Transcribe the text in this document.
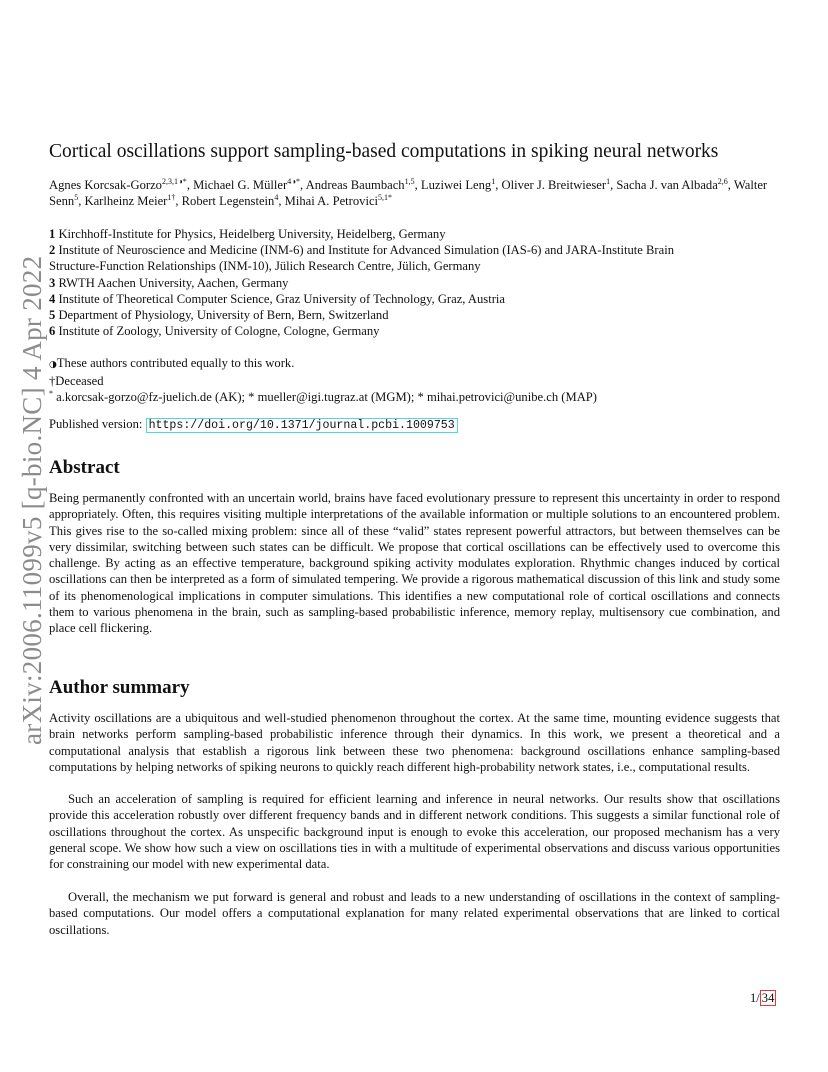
arXiv:2006.11099v5 [q-bio.NC] 4 Apr 2022
Cortical oscillations support sampling-based computations in spiking neural networks
Agnes Korcsak-Gorzo$^{2,3,1◑*}$, Michael G. Müller$^{4◑*}$, Andreas Baumbach$^{1,5}$, Luziwei Leng$^1$, Oliver J. Breitwieser$^1$, Sacha J. van Albada$^{2,6}$, Walter Senn$^5$, Karlheinz Meier$^{1\dagger}$, Robert Legenstein$^4$, Mihai A. Petrovici$^{5,1*}$
1 Kirchhoff-Institute for Physics, Heidelberg University, Heidelberg, Germany
2 Institute of Neuroscience and Medicine (INM-6) and Institute for Advanced Simulation (IAS-6) and JARA-Institute Brain
Structure-Function Relationships (INM-10), Jülich Research Centre, Jülich, Germany
3 RWTH Aachen University, Aachen, Germany
4 Institute of Theoretical Computer Science, Graz University of Technology, Graz, Austria
5 Department of Physiology, University of Bern, Bern, Switzerland
6 Institute of Zoology, University of Cologne, Cologne, Germany
◑These authors contributed equally to this work.
†Deceased
* a.korcsak-gorzo@fz-juelich.de (AK); * mueller@igi.tugraz.at (MGM); * mihai.petrovici@unibe.ch (MAP)
Published version: https://doi.org/10.1371/journal.pcbi.1009753
Abstract

Being permanently confronted with an uncertain world, brains have faced evolutionary pressure to represent this uncertainty in order to respond appropriately. Often, this requires visiting multiple interpretations of the available information or multiple solutions to an encountered problem. This gives rise to the so-called mixing problem: since all of these “valid” states represent powerful attractors, but between themselves can be very dissimilar, switching between such states can be difficult. We propose that cortical oscillations can be effectively used to overcome this challenge. By acting as an effective temperature, background spiking activity modulates exploration. Rhythmic changes induced by cortical oscillations can then be interpreted as a form of simulated tempering. We provide a rigorous mathematical discussion of this link and study some of its phenomenological implications in computer simulations. This identifies a new computational role of cortical oscillations and connects them to various phenomena in the brain, such as sampling-based probabilistic inference, memory replay, multisensory cue combination, and place cell flickering.

Author summary

Activity oscillations are a ubiquitous and well-studied phenomenon throughout the cortex. At the same time, mounting evidence suggests that brain networks perform sampling-based probabilistic inference through their dynamics. In this work, we present a theoretical and a computational analysis that establish a rigorous link between these two phenomena: background oscillations enhance sampling-based computations by helping networks of spiking neurons to quickly reach different high-probability network states, i.e., computational results.

Such an acceleration of sampling is required for efficient learning and inference in neural networks. Our results show that oscillations provide this acceleration robustly over different frequency bands and in different network conditions. This suggests a similar functional role of oscillations throughout the cortex. As unspecific background input is enough to evoke this acceleration, our proposed mechanism has a very general scope. We show how such a view on oscillations ties in with a multitude of experimental observations and discuss various opportunities for constraining our model with new experimental data.

Overall, the mechanism we put forward is general and robust and leads to a new understanding of oscillations in the context of sampling-based computations. Our model offers a computational explanation for many related experimental observations that are linked to cortical oscillations.

1/ 34
